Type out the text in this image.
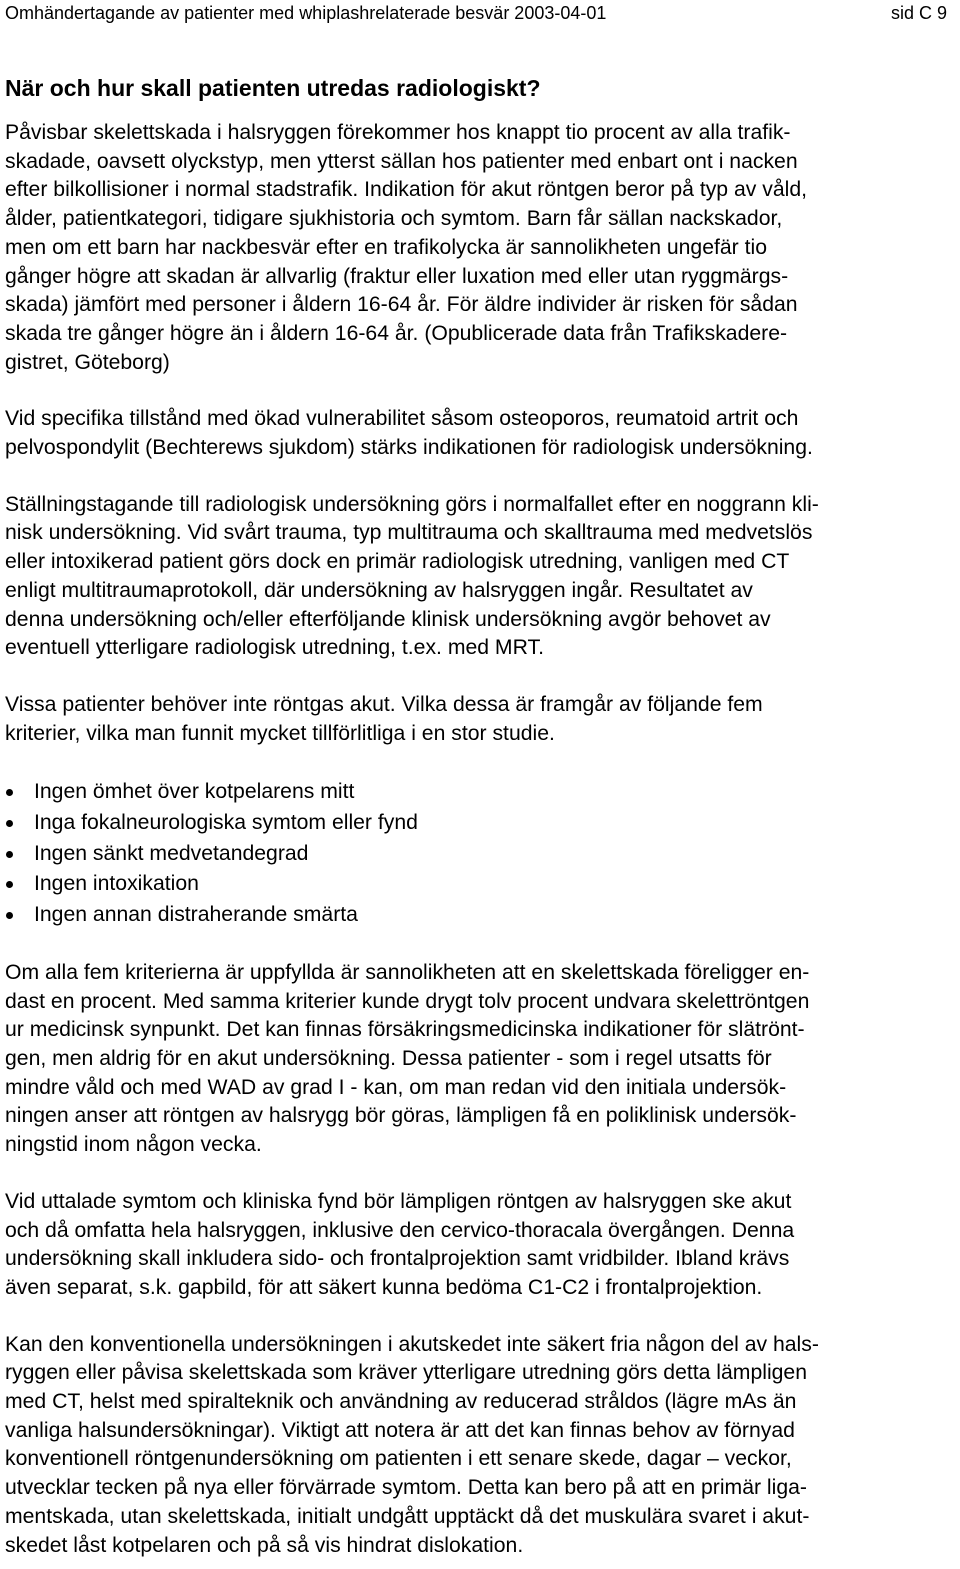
Omhändertagande av patienter med whiplashrelaterade besvär 2003-04-01	sid C 9
När och hur skall patienten utredas radiologiskt?

Påvisbar skelettskada i halsryggen förekommer hos knappt tio procent av alla trafik-
skadade, oavsett olyckstyp, men ytterst sällan hos patienter med enbart ont i nacken
efter bilkollisioner i normal stadstrafik. Indikation för akut röntgen beror på typ av våld,
ålder, patientkategori, tidigare sjukhistoria och symtom. Barn får sällan nackskador,
men om ett barn har nackbesvär efter en trafikolycka är sannolikheten ungefär tio
gånger högre att skadan är allvarlig (fraktur eller luxation med eller utan ryggmärgs-
skada) jämfört med personer i åldern 16-64 år. För äldre individer är risken för sådan
skada tre gånger högre än i åldern 16-64 år. (Opublicerade data från Trafikskadere-
gistret, Göteborg)

Vid specifika tillstånd med ökad vulnerabilitet såsom osteoporos, reumatoid artrit och
pelvospondylit (Bechterews sjukdom) stärks indikationen för radiologisk undersökning.

Ställningstagande till radiologisk undersökning görs i normalfallet efter en noggrann kli-
nisk undersökning. Vid svårt trauma, typ multitrauma och skalltrauma med medvetslös
eller intoxikerad patient görs dock en primär radiologisk utredning, vanligen med CT
enligt multitraumaprotokoll, där undersökning av halsryggen ingår. Resultatet av
denna undersökning och/eller efterföljande klinisk undersökning avgör behovet av
eventuell ytterligare radiologisk utredning, t.ex. med MRT.

Vissa patienter behöver inte röntgas akut. Vilka dessa är framgår av följande fem
kriterier, vilka man funnit mycket tillförlitliga i en stor studie.

Ingen ömhet över kotpelarens mitt
Inga fokalneurologiska symtom eller fynd
Ingen sänkt medvetandegrad
Ingen intoxikation
Ingen annan distraherande smärta

Om alla fem kriterierna är uppfyllda är sannolikheten att en skelettskada föreligger en-
dast en procent. Med samma kriterier kunde drygt tolv procent undvara skelettröntgen
ur medicinsk synpunkt. Det kan finnas försäkringsmedicinska indikationer för slätrönt-
gen, men aldrig för en akut undersökning. Dessa patienter - som i regel utsatts för
mindre våld och med WAD av grad I - kan, om man redan vid den initiala undersök-
ningen anser att röntgen av halsrygg bör göras, lämpligen få en poliklinisk undersök-
ningstid inom någon vecka.

Vid uttalade symtom och kliniska fynd bör lämpligen röntgen av halsryggen ske akut
och då omfatta hela halsryggen, inklusive den cervico-thoracala övergången. Denna
undersökning skall inkludera sido- och frontalprojektion samt vridbilder. Ibland krävs
även separat, s.k. gapbild, för att säkert kunna bedöma C1-C2 i frontalprojektion.

Kan den konventionella undersökningen i akutskedet inte säkert fria någon del av hals-
ryggen eller påvisa skelettskada som kräver ytterligare utredning görs detta lämpligen
med CT, helst med spiralteknik och användning av reducerad stråldos (lägre mAs än
vanliga halsundersökningar). Viktigt att notera är att det kan finnas behov av förnyad
konventionell röntgenundersökning om patienten i ett senare skede, dagar – veckor,
utvecklar tecken på nya eller förvärrade symtom. Detta kan bero på att en primär liga-
mentskada, utan skelettskada, initialt undgått upptäckt då det muskulära svaret i akut-
skedet låst kotpelaren och på så vis hindrat dislokation.
